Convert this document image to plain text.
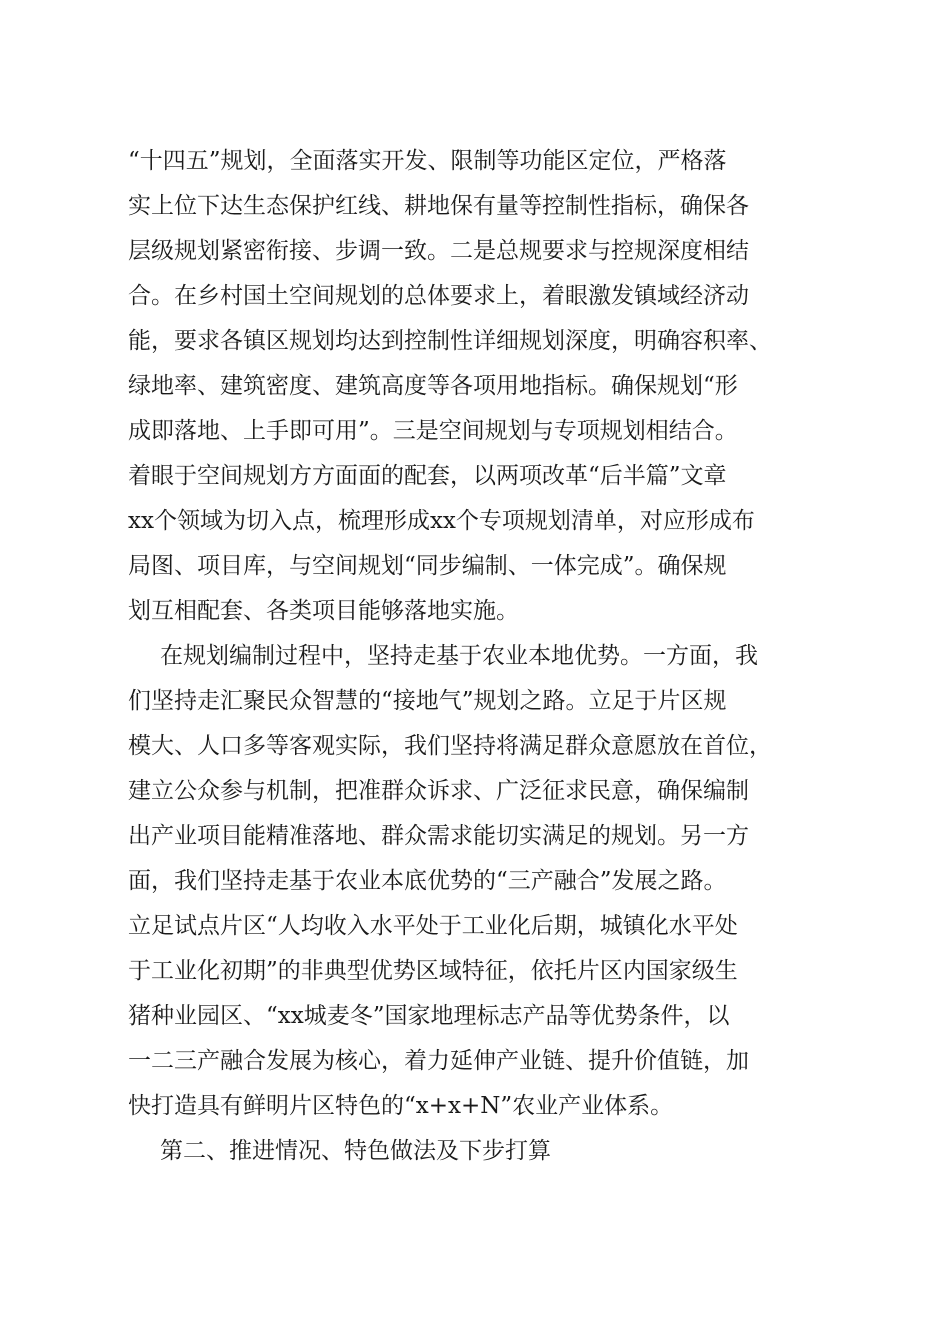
“十四五”规划，全面落实开发、限制等功能区定位，严格落

实上位下达生态保护红线、耕地保有量等控制性指标，确保各

层级规划紧密衔接、步调一致。二是总规要求与控规深度相结

合。在乡村国土空间规划的总体要求上，着眼激发镇域经济动

能，要求各镇区规划均达到控制性详细规划深度，明确容积率、

绿地率、建筑密度、建筑高度等各项用地指标。确保规划“形

成即落地、上手即可用”。三是空间规划与专项规划相结合。

着眼于空间规划方方面面的配套，以两项改革“后半篇”文章

xx个领域为切入点，梳理形成xx个专项规划清单，对应形成布

局图、项目库，与空间规划“同步编制、一体完成”。确保规

划互相配套、各类项目能够落地实施。

在规划编制过程中，坚持走基于农业本地优势。一方面，我

们坚持走汇聚民众智慧的“接地气”规划之路。立足于片区规

模大、人口多等客观实际，我们坚持将满足群众意愿放在首位，

建立公众参与机制，把准群众诉求、广泛征求民意，确保编制

出产业项目能精准落地、群众需求能切实满足的规划。另一方

面，我们坚持走基于农业本底优势的“三产融合”发展之路。

立足试点片区“人均收入水平处于工业化后期，城镇化水平处

于工业化初期”的非典型优势区域特征，依托片区内国家级生

猪种业园区、“xx城麦冬”国家地理标志产品等优势条件，以

一二三产融合发展为核心，着力延伸产业链、提升价值链，加

快打造具有鲜明片区特色的“x+x+N”农业产业体系。

第二、推进情况、特色做法及下步打算
